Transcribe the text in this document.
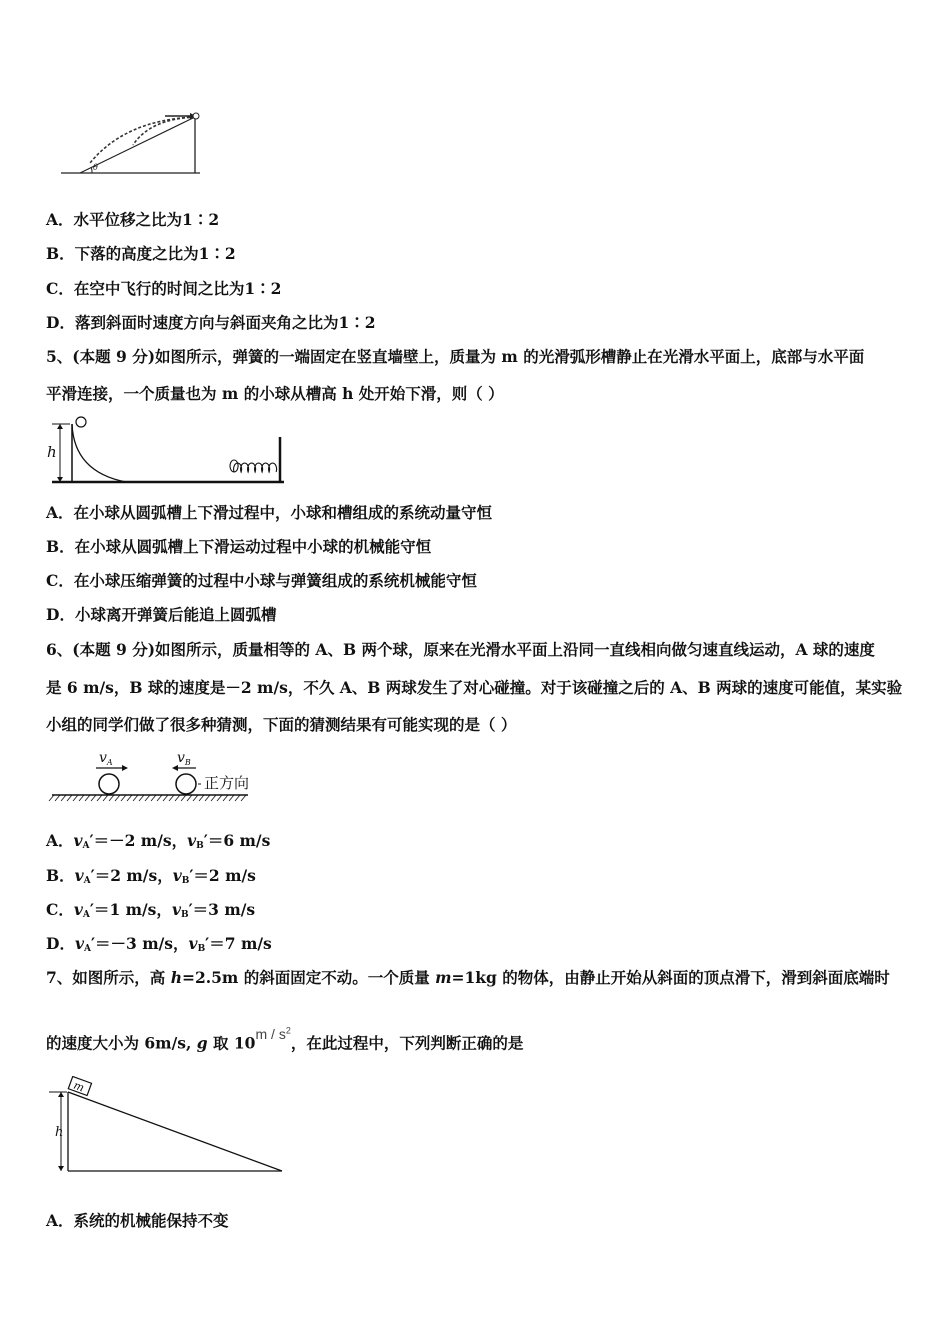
θ
A．水平位移之比为1∶2
B．下落的高度之比为1∶2
C．在空中飞行的时间之比为1∶2
D．落到斜面时速度方向与斜面夹角之比为1∶2
5、(本题 9 分)如图所示，弹簧的一端固定在竖直墙壁上，质量为 m 的光滑弧形槽静止在光滑水平面上，底部与水平面
平滑连接，一个质量也为 m 的小球从槽高 h 处开始下滑，则（ ）
h
A．在小球从圆弧槽上下滑过程中，小球和槽组成的系统动量守恒
B．在小球从圆弧槽上下滑运动过程中小球的机械能守恒
C．在小球压缩弹簧的过程中小球与弹簧组成的系统机械能守恒
D．小球离开弹簧后能追上圆弧槽
6、(本题 9 分)如图所示，质量相等的 A、B 两个球，原来在光滑水平面上沿同一直线相向做匀速直线运动，A 球的速度
是 6 m/s，B 球的速度是－2 m/s，不久 A、B 两球发生了对心碰撞。对于该碰撞之后的 A、B 两球的速度可能值，某实验
小组的同学们做了很多种猜测，下面的猜测结果有可能实现的是（ ）
$v_A$	$v_B$
正方向
A．$v_A'=-2$ m/s，$v_B'=6$ m/s
B．$v_A'=2$ m/s，$v_B'=2$ m/s
C．$v_A'=1$ m/s，$v_B'=3$ m/s
D．$v_A'=-3$ m/s，$v_B'=7$ m/s
7、如图所示，高 h=2.5m 的斜面固定不动。一个质量 m=1kg 的物体，由静止开始从斜面的顶点滑下，滑到斜面底端时
的速度大小为 6m/s, g 取 $10m / s^2$，在此过程中，下列判断正确的是
m
h
A．系统的机械能保持不变
